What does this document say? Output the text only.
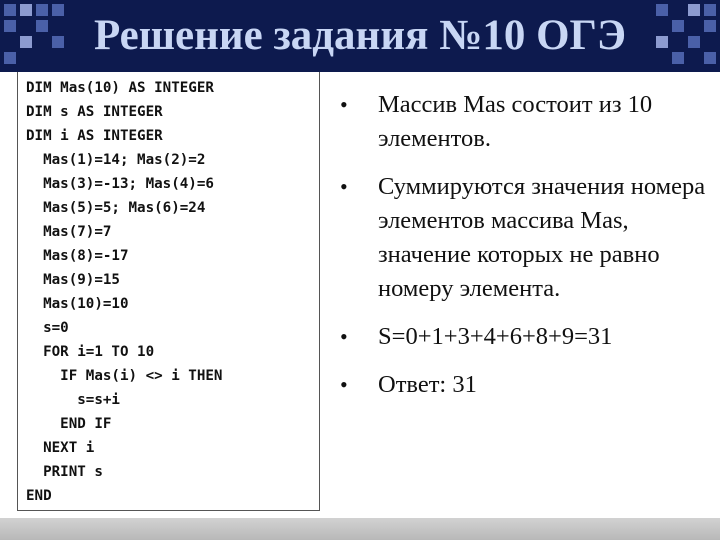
Решение задания №10 ОГЭ
DIM Mas(10) AS INTEGER
DIM s AS INTEGER
DIM i AS INTEGER
Mas(1)=14; Mas(2)=2
Mas(3)=-13; Mas(4)=6
Mas(5)=5; Mas(6)=24
Mas(7)=7
Mas(8)=-17
Mas(9)=15
Mas(10)=10
s=0
FOR i=1 TO 10
IF Mas(i) <> i THEN
s=s+i
END IF
NEXT i
PRINT s
END
• Массив Mas состоит из 10 элементов.
• Суммируются значения номера элементов массива Mas, значение которых не равно номеру элемента.
• S=0+1+3+4+6+8+9=31
• Ответ: 31
